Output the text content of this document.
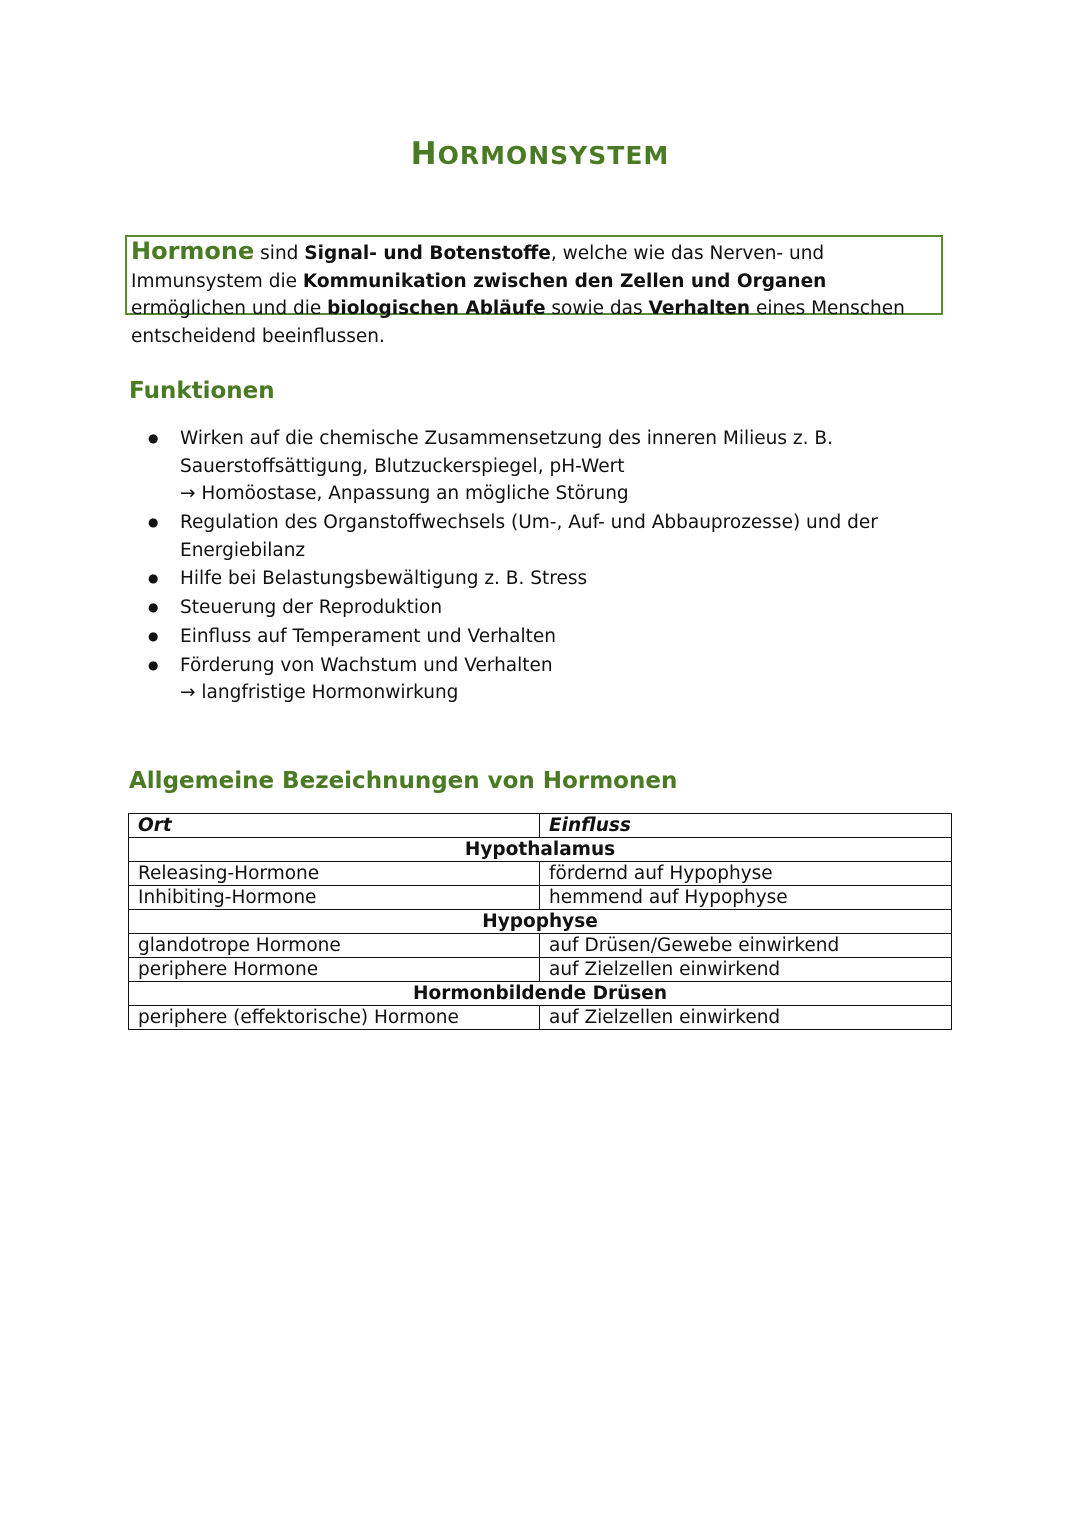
HORMONSYSTEM

Hormone sind Signal- und Botenstoffe, welche wie das Nerven- und Immunsystem die Kommunikation zwischen den Zellen und Organen ermöglichen und die biologischen Abläufe sowie das Verhalten eines Menschen entscheidend beeinflussen.

Funktionen
● Wirken auf die chemische Zusammensetzung des inneren Milieus z. B. Sauerstoffsättigung, Blutzuckerspiegel, pH-Wert
→ Homöostase, Anpassung an mögliche Störung
● Regulation des Organstoffwechsels (Um-, Auf- und Abbauprozesse) und der Energiebilanz
● Hilfe bei Belastungsbewältigung z. B. Stress
● Steuerung der Reproduktion
● Einfluss auf Temperament und Verhalten
● Förderung von Wachstum und Verhalten
→ langfristige Hormonwirkung
Allgemeine Bezeichnungen von Hormonen
Ort	Einfluss
Hypothalamus	
Releasing-Hormone	fördernd auf Hypophyse
Inhibiting-Hormone	hemmend auf Hypophyse
Hypophyse	
glandotrope Hormone	auf Drüsen/Gewebe einwirkend
periphere Hormone	auf Zielzellen einwirkend
Hormonbildende Drüsen	
periphere (effektorische) Hormone	auf Zielzellen einwirkend
